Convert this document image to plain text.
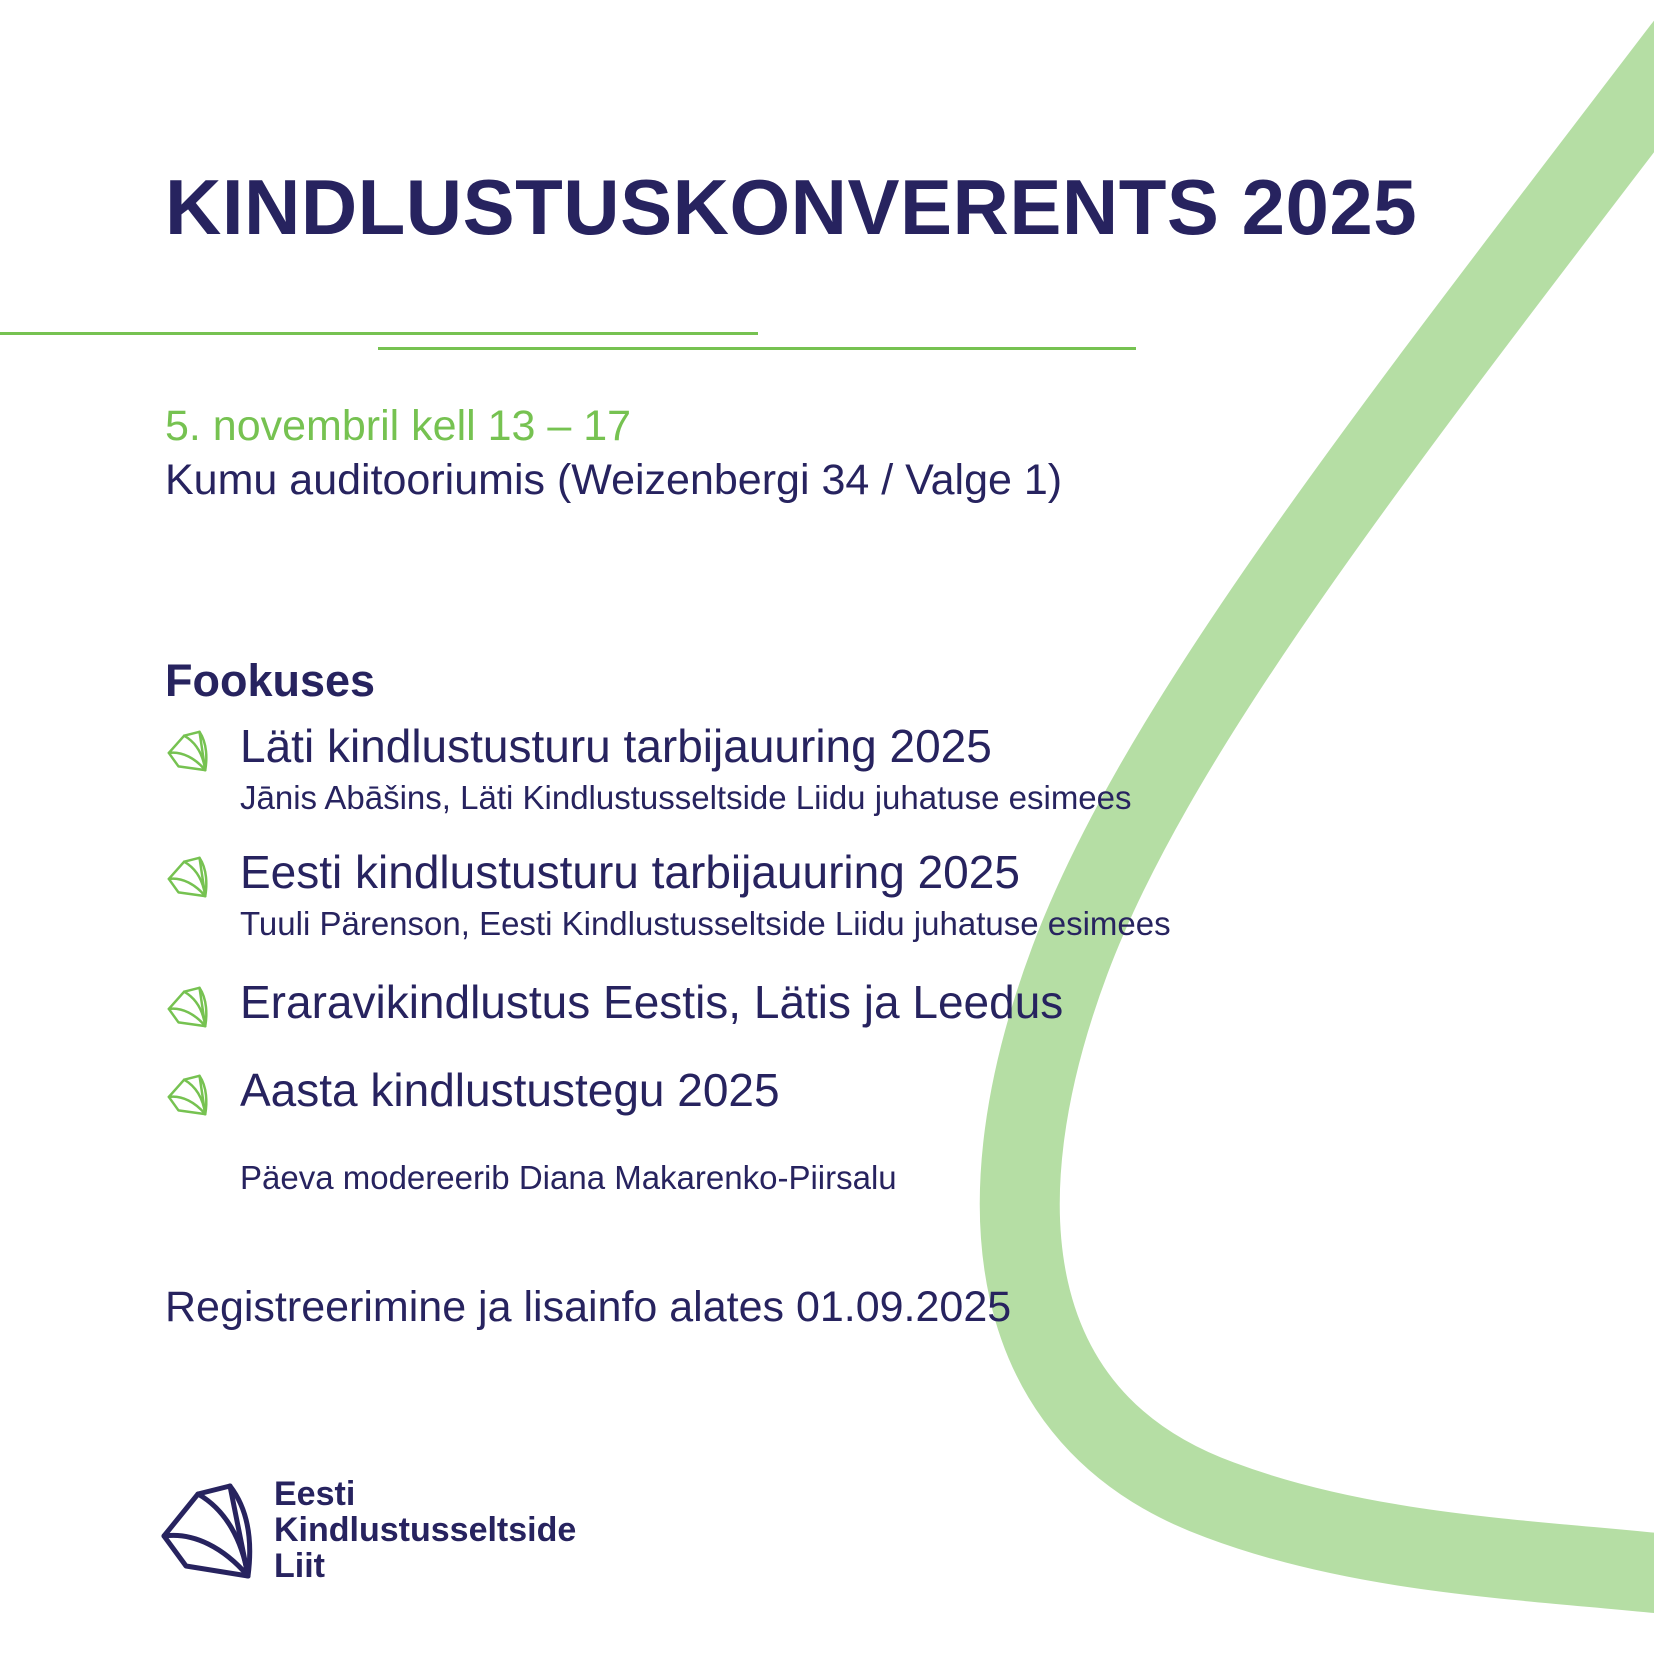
KINDLUSTUSKONVERENTS 2025
5. novembril kell 13 – 17
Kumu auditooriumis (Weizenbergi 34 / Valge 1)
Fookuses
Läti kindlustusturu tarbijauuring 2025
Jānis Abāšins, Läti Kindlustusseltside Liidu juhatuse esimees
Eesti kindlustusturu tarbijauuring 2025
Tuuli Pärenson, Eesti Kindlustusseltside Liidu juhatuse esimees
Eraravikindlustus Eestis, Lätis ja Leedus
Aasta kindlustustegu 2025
Päeva modereerib Diana Makarenko-Piirsalu
Registreerimine ja lisainfo alates 01.09.2025
Eesti
Kindlustusseltside
Liit
